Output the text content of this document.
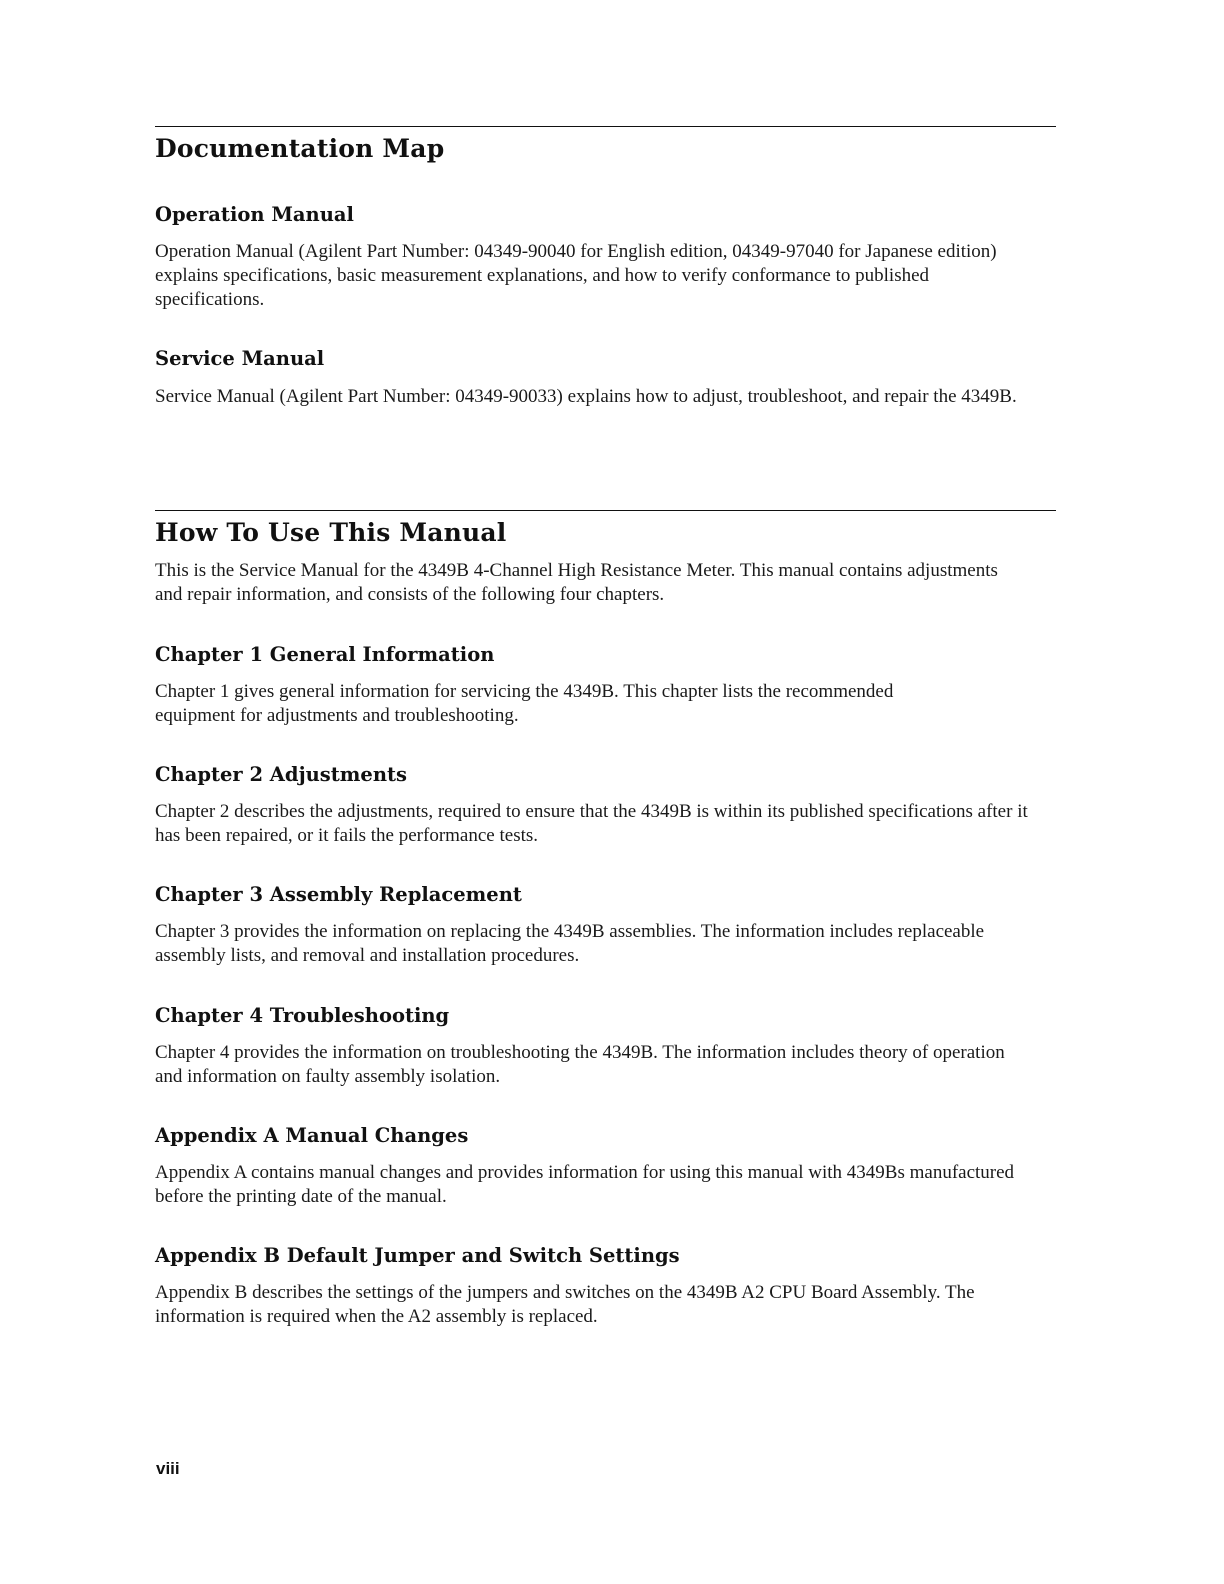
Documentation Map
Operation Manual

Operation Manual (Agilent Part Number: 04349-90040 for English edition, 04349-97040 for Japanese edition) explains specifications, basic measurement explanations, and how to verify conformance to published specifications.

Service Manual

Service Manual (Agilent Part Number: 04349-90033) explains how to adjust, troubleshoot, and repair the 4349B.

How To Use This Manual

This is the Service Manual for the 4349B 4-Channel High Resistance Meter. This manual contains adjustments and repair information, and consists of the following four chapters.

Chapter 1 General Information

Chapter 1 gives general information for servicing the 4349B. This chapter lists the recommended equipment for adjustments and troubleshooting.

Chapter 2 Adjustments

Chapter 2 describes the adjustments, required to ensure that the 4349B is within its published specifications after it has been repaired, or it fails the performance tests.

Chapter 3 Assembly Replacement

Chapter 3 provides the information on replacing the 4349B assemblies. The information includes replaceable assembly lists, and removal and installation procedures.

Chapter 4 Troubleshooting

Chapter 4 provides the information on troubleshooting the 4349B. The information includes theory of operation and information on faulty assembly isolation.

Appendix A Manual Changes

Appendix A contains manual changes and provides information for using this manual with 4349Bs manufactured before the printing date of the manual.

Appendix B Default Jumper and Switch Settings

Appendix B describes the settings of the jumpers and switches on the 4349B A2 CPU Board Assembly. The information is required when the A2 assembly is replaced.

viii
